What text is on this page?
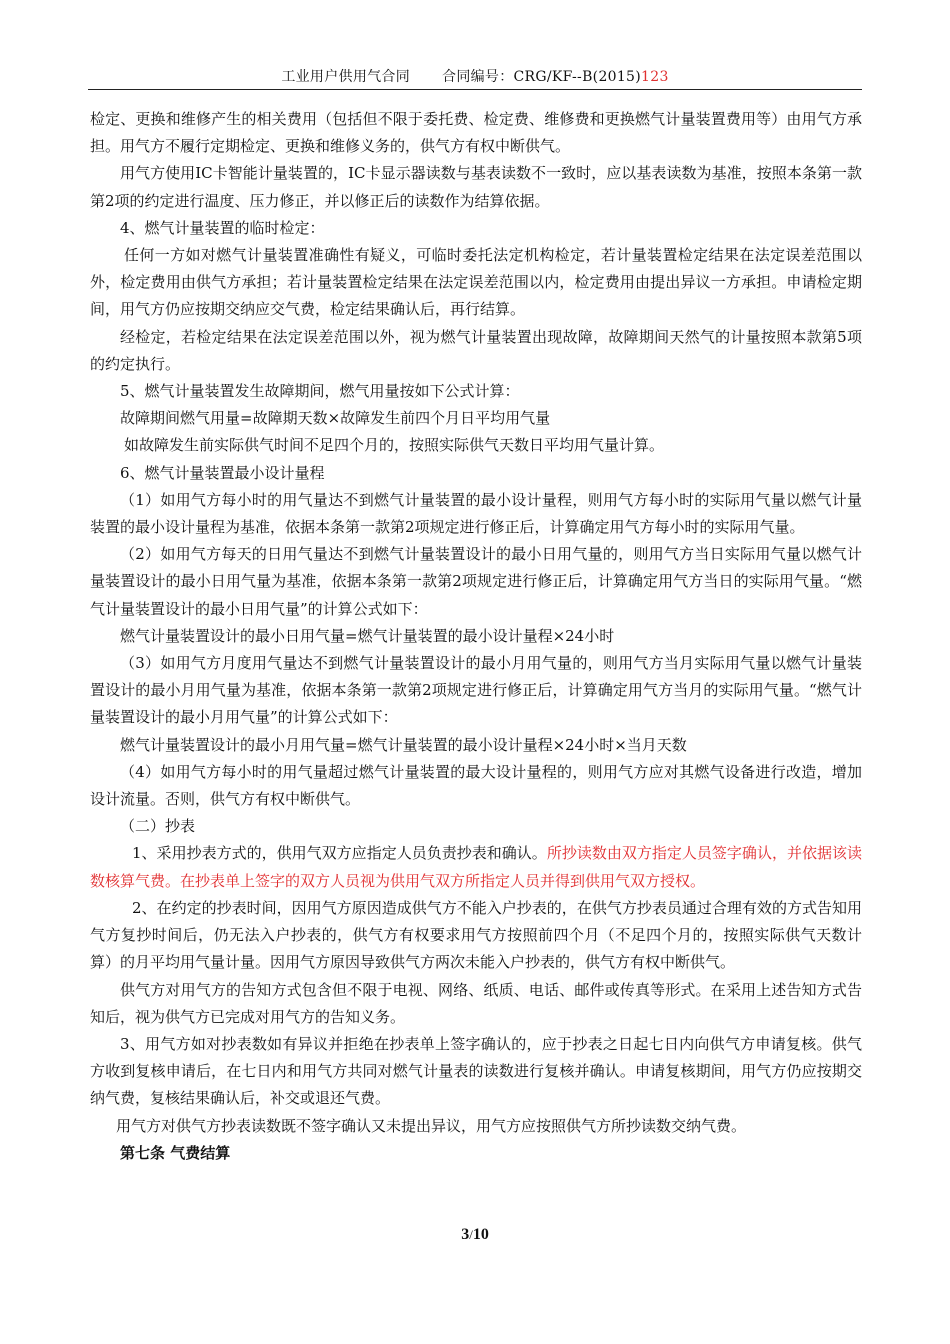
工业用户供用气合同 合同编号：CRG/KF--B(2015)123

检定、更换和维修产生的相关费用（包括但不限于委托费、检定费、维修费和更换燃气计量装置费用等）由用气方承担。用气方不履行定期检定、更换和维修义务的，供气方有权中断供气。

用气方使用IC卡智能计量装置的，IC卡显示器读数与基表读数不一致时，应以基表读数为基准，按照本条第一款第2项的约定进行温度、压力修正，并以修正后的读数作为结算依据。

4、燃气计量装置的临时检定：

任何一方如对燃气计量装置准确性有疑义，可临时委托法定机构检定，若计量装置检定结果在法定误差范围以外，检定费用由供气方承担；若计量装置检定结果在法定误差范围以内，检定费用由提出异议一方承担。申请检定期间，用气方仍应按期交纳应交气费，检定结果确认后，再行结算。

经检定，若检定结果在法定误差范围以外，视为燃气计量装置出现故障，故障期间天然气的计量按照本款第5项的约定执行。

5、燃气计量装置发生故障期间，燃气用量按如下公式计算：

故障期间燃气用量=故障期天数×故障发生前四个月日平均用气量

如故障发生前实际供气时间不足四个月的，按照实际供气天数日平均用气量计算。

6、燃气计量装置最小设计量程

（1）如用气方每小时的用气量达不到燃气计量装置的最小设计量程，则用气方每小时的实际用气量以燃气计量装置的最小设计量程为基准，依据本条第一款第2项规定进行修正后，计算确定用气方每小时的实际用气量。

（2）如用气方每天的日用气量达不到燃气计量装置设计的最小日用气量的，则用气方当日实际用气量以燃气计量装置设计的最小日用气量为基准，依据本条第一款第2项规定进行修正后，计算确定用气方当日的实际用气量。“燃气计量装置设计的最小日用气量”的计算公式如下：

燃气计量装置设计的最小日用气量=燃气计量装置的最小设计量程×24小时

（3）如用气方月度用气量达不到燃气计量装置设计的最小月用气量的，则用气方当月实际用气量以燃气计量装置设计的最小月用气量为基准，依据本条第一款第2项规定进行修正后，计算确定用气方当月的实际用气量。“燃气计量装置设计的最小月用气量”的计算公式如下：

燃气计量装置设计的最小月用气量=燃气计量装置的最小设计量程×24小时×当月天数

（4）如用气方每小时的用气量超过燃气计量装置的最大设计量程的，则用气方应对其燃气设备进行改造，增加设计流量。否则，供气方有权中断供气。

（二）抄表

1、采用抄表方式的，供用气双方应指定人员负责抄表和确认。所抄读数由双方指定人员签字确认，并依据该读数核算气费。在抄表单上签字的双方人员视为供用气双方所指定人员并得到供用气双方授权。

2、在约定的抄表时间，因用气方原因造成供气方不能入户抄表的，在供气方抄表员通过合理有效的方式告知用气方复抄时间后，仍无法入户抄表的，供气方有权要求用气方按照前四个月（不足四个月的，按照实际供气天数计算）的月平均用气量计量。因用气方原因导致供气方两次未能入户抄表的，供气方有权中断供气。

供气方对用气方的告知方式包含但不限于电视、网络、纸质、电话、邮件或传真等形式。在采用上述告知方式告知后，视为供气方已完成对用气方的告知义务。

3、用气方如对抄表数如有异议并拒绝在抄表单上签字确认的，应于抄表之日起七日内向供气方申请复核。供气方收到复核申请后，在七日内和用气方共同对燃气计量表的读数进行复核并确认。申请复核期间，用气方仍应按期交纳气费，复核结果确认后，补交或退还气费。

用气方对供气方抄表读数既不签字确认又未提出异议，用气方应按照供气方所抄读数交纳气费。

第七条 气费结算

3/10
